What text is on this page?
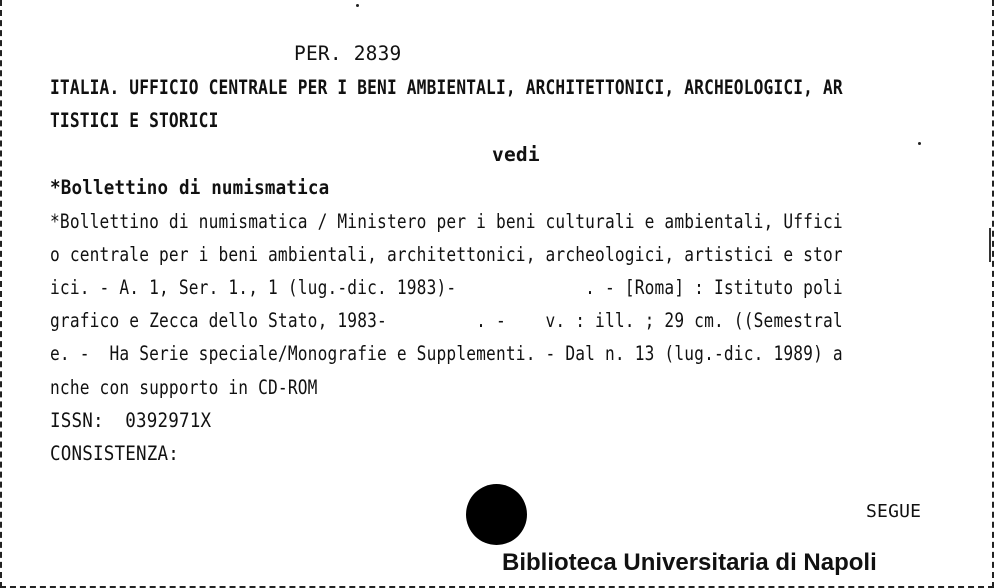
PER. 2839
ITALIA. UFFICIO CENTRALE PER I BENI AMBIENTALI, ARCHITETTONICI, ARCHEOLOGICI, AR
TISTICI E STORICI
vedi
*Bollettino di numismatica
*Bollettino di numismatica / Ministero per i beni culturali e ambientali, Uffici
o centrale per i beni ambientali, architettonici, archeologici, artistici e stor
ici. - A. 1, Ser. 1., 1 (lug.-dic. 1983)-             . - [Roma] : Istituto poli
grafico e Zecca dello Stato, 1983-         . -    v. : ill. ; 29 cm. ((Semestral
e. -  Ha Serie speciale/Monografie e Supplementi. - Dal n. 13 (lug.-dic. 1989) a
nche con supporto in CD-ROM
ISSN:  0392971X
CONSISTENZA:
SEGUE
Biblioteca Universitaria di Napoli
